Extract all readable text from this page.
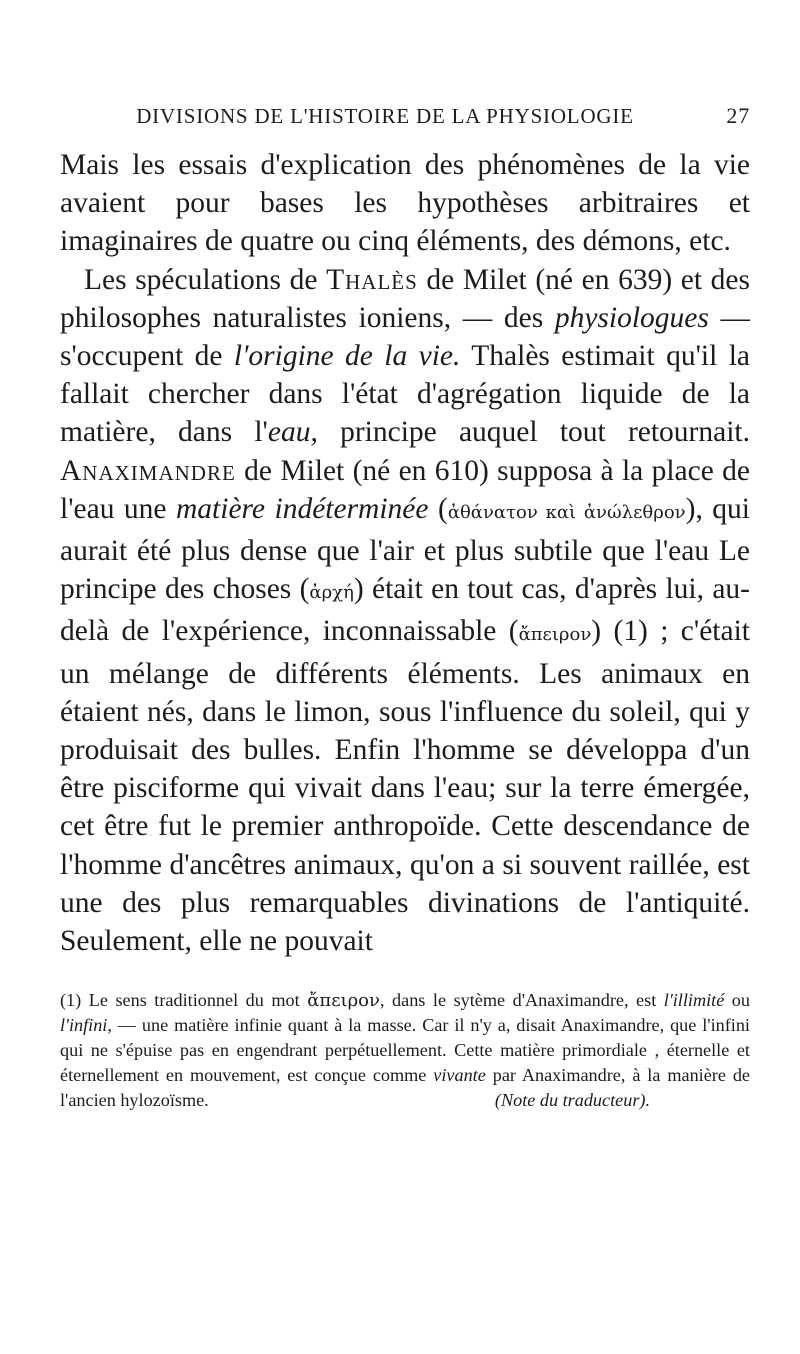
DIVISIONS DE L'HISTOIRE DE LA PHYSIOLOGIE	27

Mais les essais d'explication des phénomènes de la vie avaient pour bases les hypothèses arbitraires et imaginaires de quatre ou cinq éléments, des démons, etc.

Les spéculations de Thalès de Milet (né en 639) et des philosophes naturalistes ioniens, — des physiologues — s'occupent de l'origine de la vie. Thalès estimait qu'il la fallait chercher dans l'état d'agrégation liquide de la matière, dans l'eau, principe auquel tout retournait. Anaximandre de Milet (né en 610) supposa à la place de l'eau une matière indéterminée (ἀθάνατον καὶ ἀνώλεθρον), qui aurait été plus dense que l'air et plus subtile que l'eau Le principe des choses (ἀρχή) était en tout cas, d'après lui, au-delà de l'expérience, inconnaissable (ἄπειρον) (1) ; c'était un mélange de différents éléments. Les animaux en étaient nés, dans le limon, sous l'influence du soleil, qui y produisait des bulles. Enfin l'homme se développa d'un être pisciforme qui vivait dans l'eau; sur la terre émergée, cet être fut le premier anthropoïde. Cette descendance de l'homme d'ancêtres animaux, qu'on a si souvent raillée, est une des plus remarquables divinations de l'antiquité. Seulement, elle ne pouvait

(1) Le sens traditionnel du mot ἄπειρον, dans le sytème d'Anaximandre, est l'illimité ou l'infini, — une matière infinie quant à la masse. Car il n'y a, disait Anaximandre, que l'infini qui ne s'épuise pas en engendrant perpétuellement. Cette matière primordiale , éternelle et éternellement en mouvement, est conçue comme vivante par Anaximandre, à la manière de l'ancien hylozoïsme.	(Note du traducteur).
